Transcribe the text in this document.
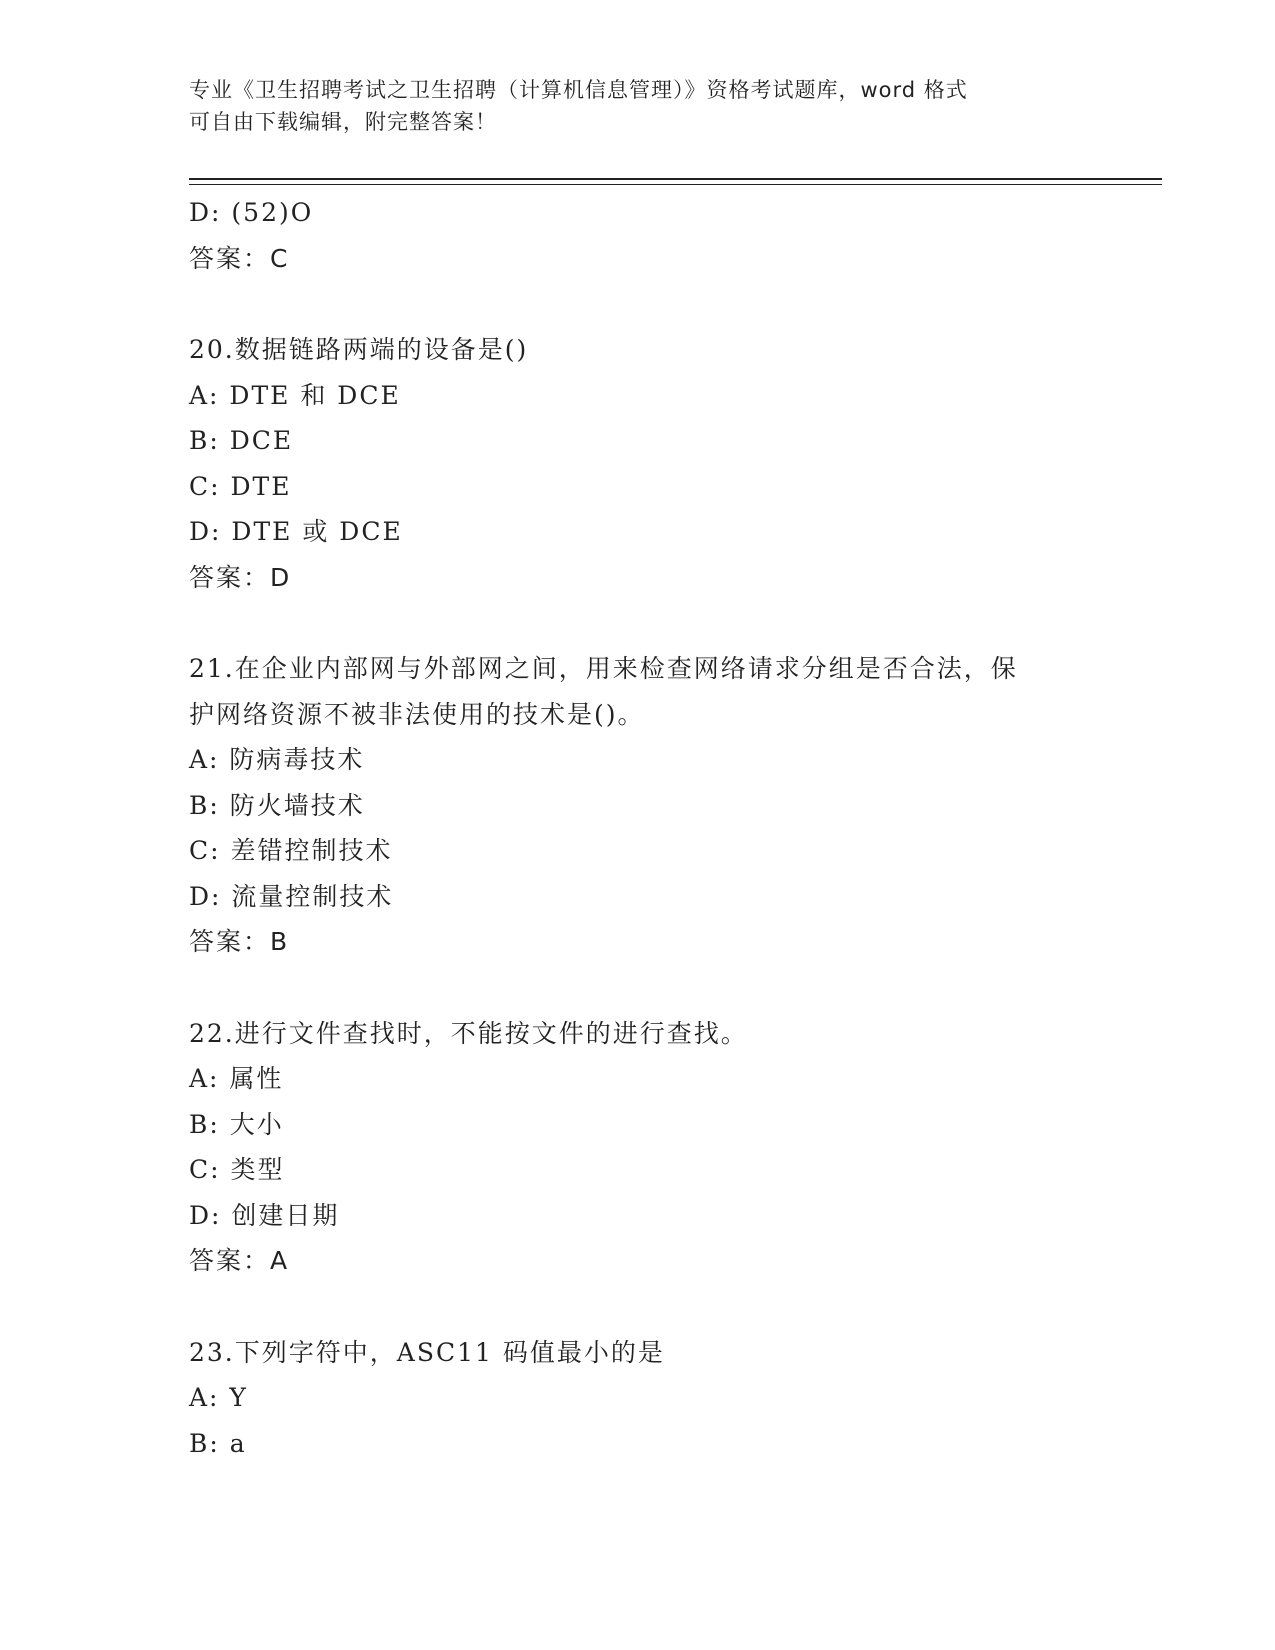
专业《卫生招聘考试之卫生招聘（计算机信息管理）》资格考试题库，word 格式
可自由下载编辑，附完整答案！
D: (52)O
答案：C
20.数据链路两端的设备是()
A: DTE 和 DCE
B: DCE
C: DTE
D: DTE 或 DCE
答案：D
21.在企业内部网与外部网之间，用来检查网络请求分组是否合法，保
护网络资源不被非法使用的技术是()。
A: 防病毒技术
B: 防火墙技术
C: 差错控制技术
D: 流量控制技术
答案：B
22.进行文件查找时，不能按文件的进行查找。
A: 属性
B: 大小
C: 类型
D: 创建日期
答案：A
23.下列字符中，ASC11 码值最小的是
A: Y
B: a
